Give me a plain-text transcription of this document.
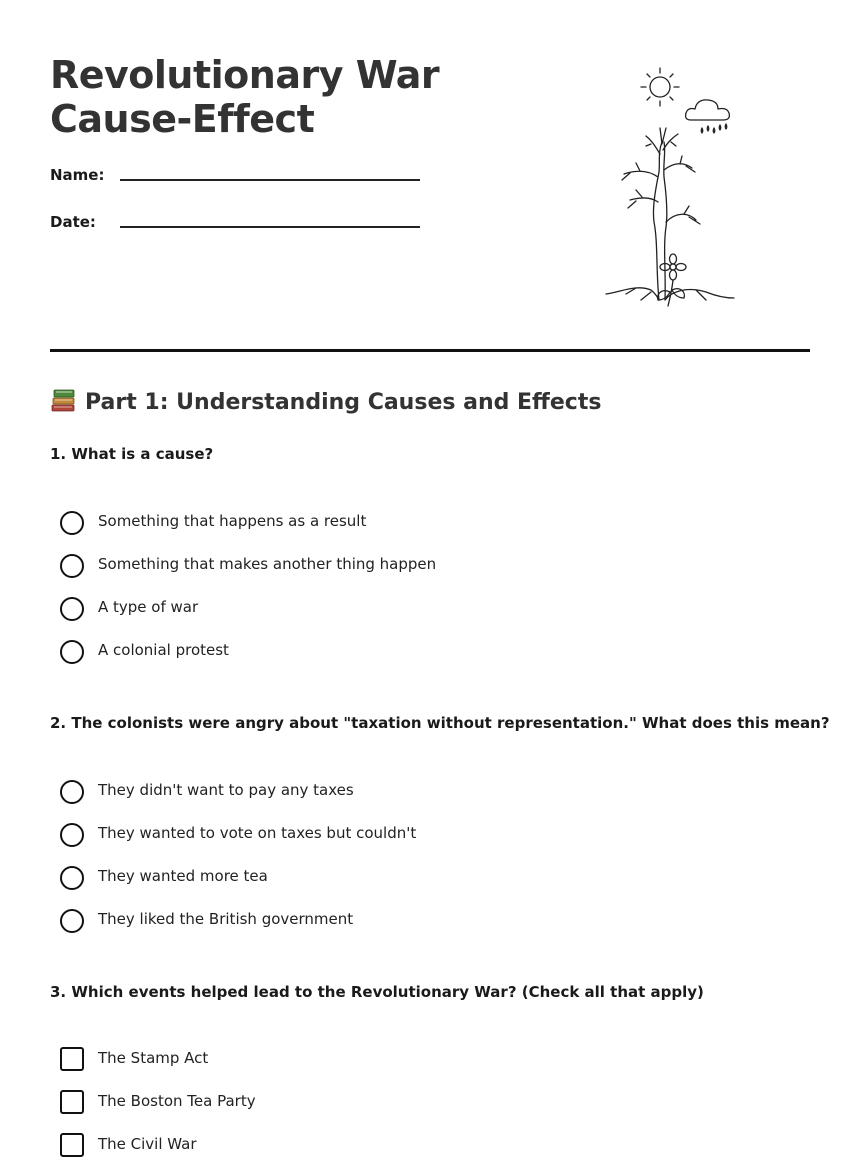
Revolutionary War
Cause-Effect
Name:
Date:
Part 1: Understanding Causes and Effects

1. What is a cause?

Something that happens as a result
Something that makes another thing happen
A type of war
A colonial protest

2. The colonists were angry about "taxation without representation." What does this mean?

They didn't want to pay any taxes
They wanted to vote on taxes but couldn't
They wanted more tea
They liked the British government

3. Which events helped lead to the Revolutionary War? (Check all that apply)

The Stamp Act
The Boston Tea Party
The Civil War
